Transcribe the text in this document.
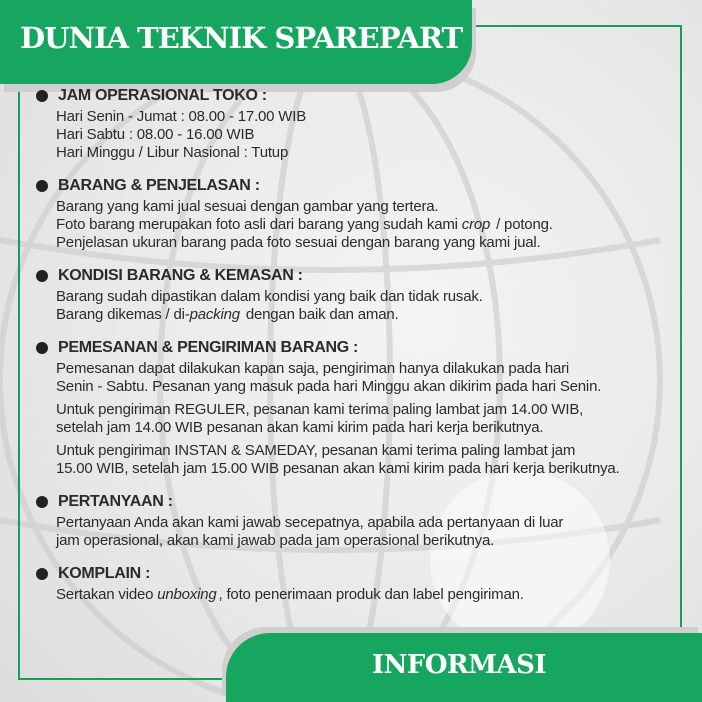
DUNIA TEKNIK SPAREPART
JAM OPERASIONAL TOKO :
Hari Senin - Jumat : 08.00 - 17.00 WIB
Hari Sabtu : 08.00 - 16.00 WIB
Hari Minggu / Libur Nasional : Tutup
BARANG & PENJELASAN :
Barang yang kami jual sesuai dengan gambar yang tertera.
Foto barang merupakan foto asli dari barang yang sudah kami crop / potong.
Penjelasan ukuran barang pada foto sesuai dengan barang yang kami jual.
KONDISI BARANG & KEMASAN :
Barang sudah dipastikan dalam kondisi yang baik dan tidak rusak.
Barang dikemas / di-packing dengan baik dan aman.
PEMESANAN & PENGIRIMAN BARANG :
Pemesanan dapat dilakukan kapan saja, pengiriman hanya dilakukan pada hari
Senin - Sabtu. Pesanan yang masuk pada hari Minggu akan dikirim pada hari Senin.
Untuk pengiriman REGULER, pesanan kami terima paling lambat jam 14.00 WIB,
setelah jam 14.00 WIB pesanan akan kami kirim pada hari kerja berikutnya.
Untuk pengiriman INSTAN & SAMEDAY, pesanan kami terima paling lambat jam
15.00 WIB, setelah jam 15.00 WIB pesanan akan kami kirim pada hari kerja berikutnya.
PERTANYAAN :
Pertanyaan Anda akan kami jawab secepatnya, apabila ada pertanyaan di luar
jam operasional, akan kami jawab pada jam operasional berikutnya.
KOMPLAIN :
Sertakan video unboxing , foto penerimaan produk dan label pengiriman.
INFORMASI
